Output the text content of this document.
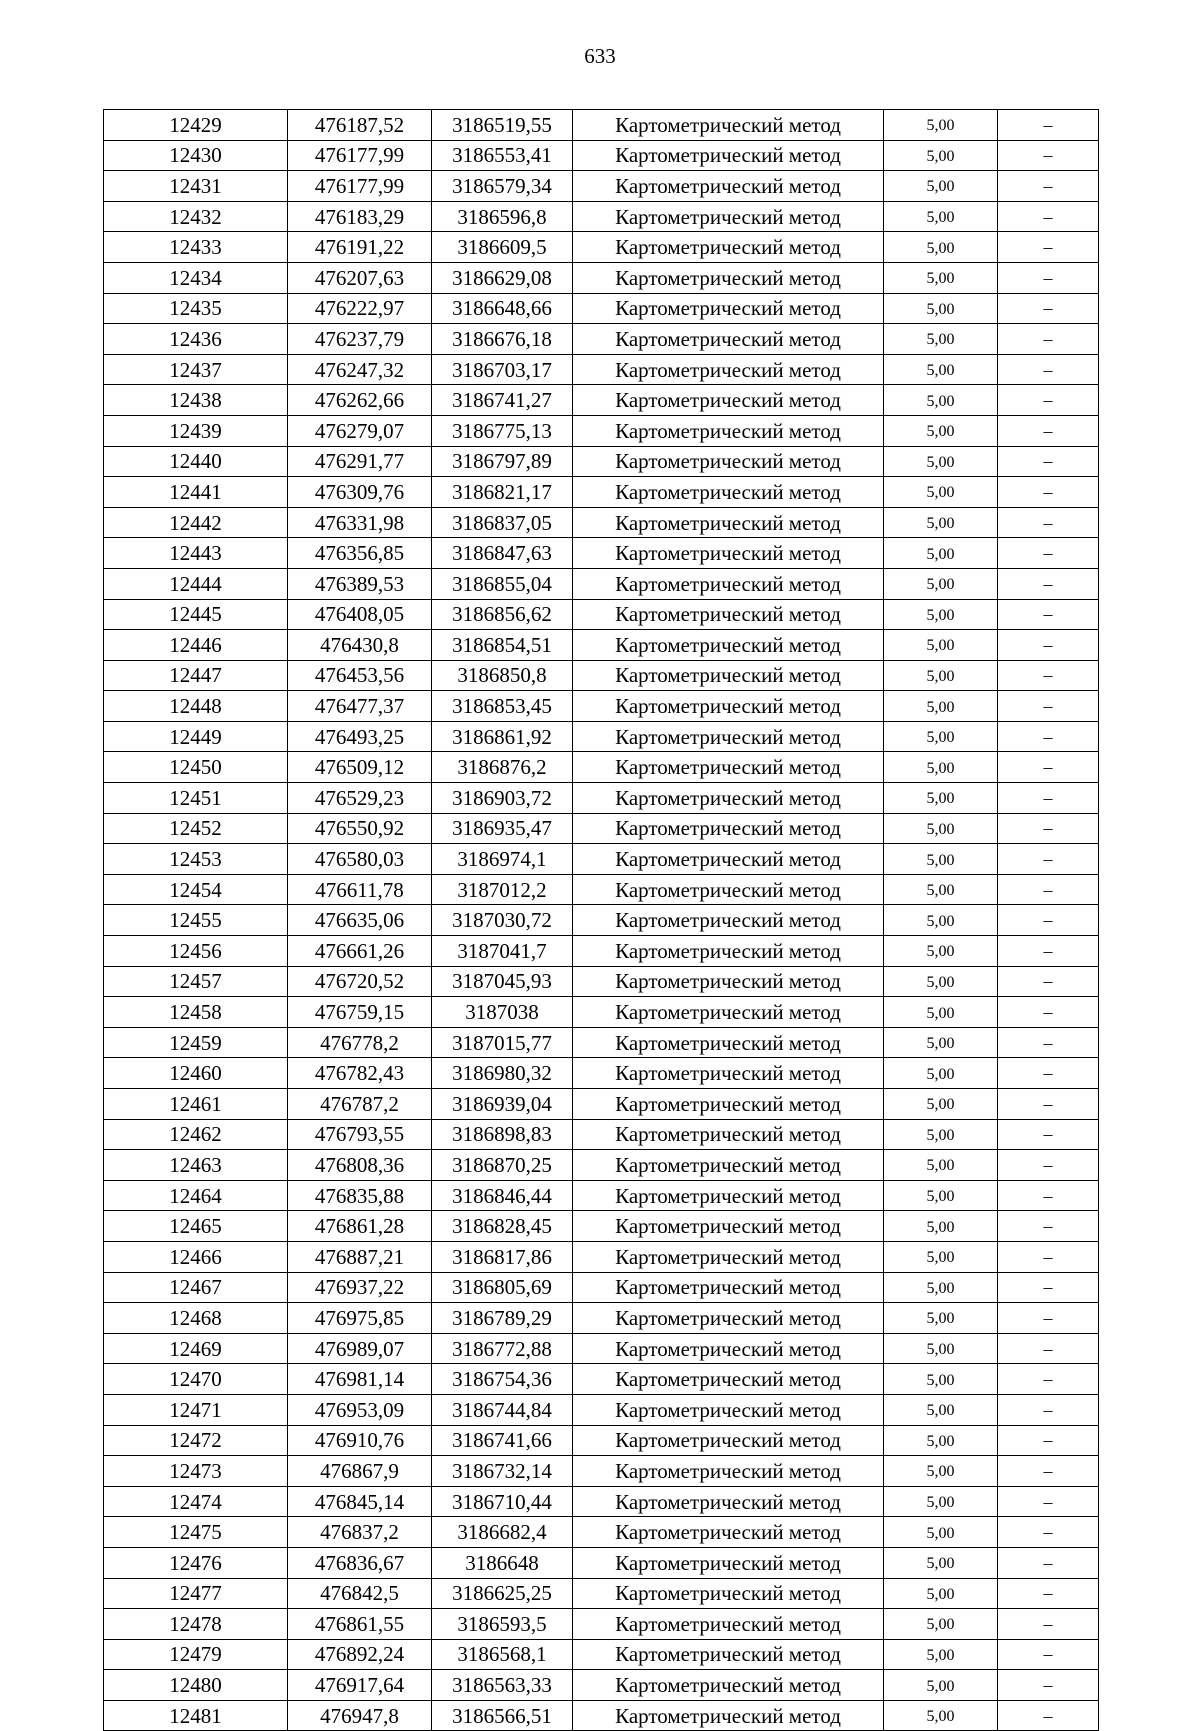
633
12429	476187,52	3186519,55	Картометрический метод	5,00	–
12430	476177,99	3186553,41	Картометрический метод	5,00	–
12431	476177,99	3186579,34	Картометрический метод	5,00	–
12432	476183,29	3186596,8	Картометрический метод	5,00	–
12433	476191,22	3186609,5	Картометрический метод	5,00	–
12434	476207,63	3186629,08	Картометрический метод	5,00	–
12435	476222,97	3186648,66	Картометрический метод	5,00	–
12436	476237,79	3186676,18	Картометрический метод	5,00	–
12437	476247,32	3186703,17	Картометрический метод	5,00	–
12438	476262,66	3186741,27	Картометрический метод	5,00	–
12439	476279,07	3186775,13	Картометрический метод	5,00	–
12440	476291,77	3186797,89	Картометрический метод	5,00	–
12441	476309,76	3186821,17	Картометрический метод	5,00	–
12442	476331,98	3186837,05	Картометрический метод	5,00	–
12443	476356,85	3186847,63	Картометрический метод	5,00	–
12444	476389,53	3186855,04	Картометрический метод	5,00	–
12445	476408,05	3186856,62	Картометрический метод	5,00	–
12446	476430,8	3186854,51	Картометрический метод	5,00	–
12447	476453,56	3186850,8	Картометрический метод	5,00	–
12448	476477,37	3186853,45	Картометрический метод	5,00	–
12449	476493,25	3186861,92	Картометрический метод	5,00	–
12450	476509,12	3186876,2	Картометрический метод	5,00	–
12451	476529,23	3186903,72	Картометрический метод	5,00	–
12452	476550,92	3186935,47	Картометрический метод	5,00	–
12453	476580,03	3186974,1	Картометрический метод	5,00	–
12454	476611,78	3187012,2	Картометрический метод	5,00	–
12455	476635,06	3187030,72	Картометрический метод	5,00	–
12456	476661,26	3187041,7	Картометрический метод	5,00	–
12457	476720,52	3187045,93	Картометрический метод	5,00	–
12458	476759,15	3187038	Картометрический метод	5,00	–
12459	476778,2	3187015,77	Картометрический метод	5,00	–
12460	476782,43	3186980,32	Картометрический метод	5,00	–
12461	476787,2	3186939,04	Картометрический метод	5,00	–
12462	476793,55	3186898,83	Картометрический метод	5,00	–
12463	476808,36	3186870,25	Картометрический метод	5,00	–
12464	476835,88	3186846,44	Картометрический метод	5,00	–
12465	476861,28	3186828,45	Картометрический метод	5,00	–
12466	476887,21	3186817,86	Картометрический метод	5,00	–
12467	476937,22	3186805,69	Картометрический метод	5,00	–
12468	476975,85	3186789,29	Картометрический метод	5,00	–
12469	476989,07	3186772,88	Картометрический метод	5,00	–
12470	476981,14	3186754,36	Картометрический метод	5,00	–
12471	476953,09	3186744,84	Картометрический метод	5,00	–
12472	476910,76	3186741,66	Картометрический метод	5,00	–
12473	476867,9	3186732,14	Картометрический метод	5,00	–
12474	476845,14	3186710,44	Картометрический метод	5,00	–
12475	476837,2	3186682,4	Картометрический метод	5,00	–
12476	476836,67	3186648	Картометрический метод	5,00	–
12477	476842,5	3186625,25	Картометрический метод	5,00	–
12478	476861,55	3186593,5	Картометрический метод	5,00	–
12479	476892,24	3186568,1	Картометрический метод	5,00	–
12480	476917,64	3186563,33	Картометрический метод	5,00	–
12481	476947,8	3186566,51	Картометрический метод	5,00	–
